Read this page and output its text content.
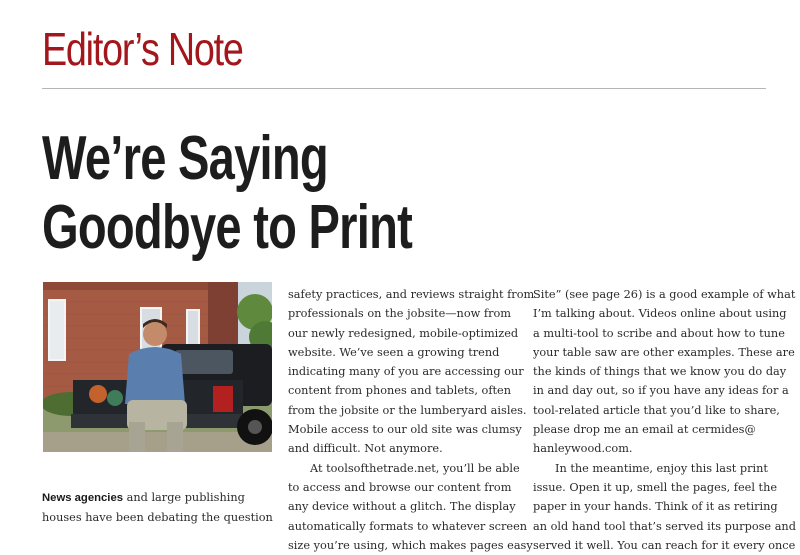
Editor’s Note
We’re Saying
Goodbye to Print

News agencies and large publishing

houses have been debating the question

safety practices, and reviews straight from

professionals on the jobsite—now from

our newly redesigned, mobile-optimized

website. We’ve seen a growing trend

indicating many of you are accessing our

content from phones and tablets, often

from the jobsite or the lumberyard aisles.

Mobile access to our old site was clumsy

and difficult. Not anymore.

At toolsofthetrade.net, you’ll be able

to access and browse our content from

any device without a glitch. The display

automatically formats to whatever screen

size you’re using, which makes pages easy

Site” (see page 26) is a good example of what

I’m talking about. Videos online about using

a multi-tool to scribe and about how to tune

your table saw are other examples. These are

the kinds of things that we know you do day

in and day out, so if you have any ideas for a

tool-related article that you’d like to share,

please drop me an email at cermides@

hanleywood.com.

In the meantime, enjoy this last print

issue. Open it up, smell the pages, feel the

paper in your hands. Think of it as retiring

an old hand tool that’s served its purpose and

served it well. You can reach for it every once
